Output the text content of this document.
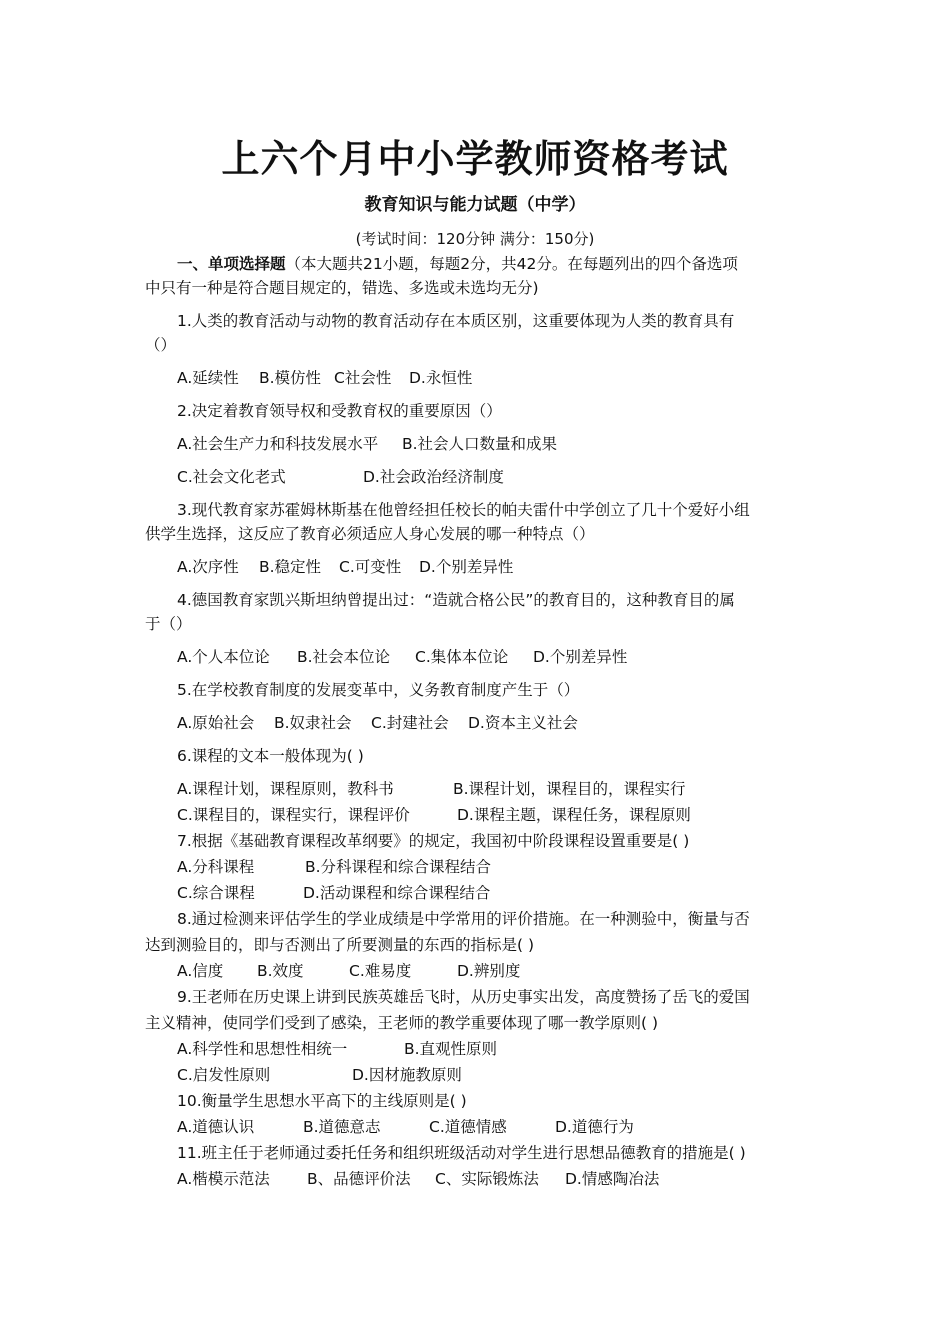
上六个月中小学教师资格考试
教育知识与能力试题（中学）

(考试时间：120分钟 满分：150分)

一、单项选择题（本大题共21小题，每题2分，共42分。在每题列出的四个备选项
中只有一种是符合题目规定的，错选、多选或未选均无分)
1.人类的教育活动与动物的教育活动存在本质区别，这重要体现为人类的教育具有
（）
A.延续性 B.模仿性 C社会性 D.永恒性
2.决定着教育领导权和受教育权的重要原因（）
A.社会生产力和科技发展水平 B.社会人口数量和成果
C.社会文化老式	D.社会政治经济制度
3.现代教育家苏霍姆林斯基在他曾经担任校长的帕夫雷什中学创立了几十个爱好小组
供学生选择，这反应了教育必须适应人身心发展的哪一种特点（）
A.次序性 B.稳定性 C.可变性 D.个别差异性
4.德国教育家凯兴斯坦纳曾提出过：“造就合格公民”的教育目的，这种教育目的属
于（）
A.个人本位论 B.社会本位论 C.集体本位论 D.个别差异性
5.在学校教育制度的发展变革中，义务教育制度产生于（）
A.原始社会 B.奴隶社会 C.封建社会 D.资本主义社会
6.课程的文本一般体现为( )
A.课程计划，课程原则，教科书	B.课程计划，课程目的，课程实行
C.课程目的，课程实行，课程评价	D.课程主题，课程任务，课程原则
7.根据《基础教育课程改革纲要》的规定，我国初中阶段课程设置重要是( )
A.分科课程	B.分科课程和综合课程结合
C.综合课程	D.活动课程和综合课程结合
8.通过检测来评估学生的学业成绩是中学常用的评价措施。在一种测验中，衡量与否
达到测验目的，即与否测出了所要测量的东西的指标是( )
A.信度 B.效度	C.难易度	D.辨别度
9.王老师在历史课上讲到民族英雄岳飞时，从历史事实出发，高度赞扬了岳飞的爱国
主义精神，使同学们受到了感染，王老师的教学重要体现了哪一教学原则( )
A.科学性和思想性相统一	B.直观性原则
C.启发性原则	D.因材施教原则
10.衡量学生思想水平高下的主线原则是( )
A.道德认识	B.道德意志	C.道德情感	D.道德行为
11.班主任于老师通过委托任务和组织班级活动对学生进行思想品德教育的措施是( )
A.楷模示范法 B、品德评价法 C、实际锻炼法 D.情感陶冶法
